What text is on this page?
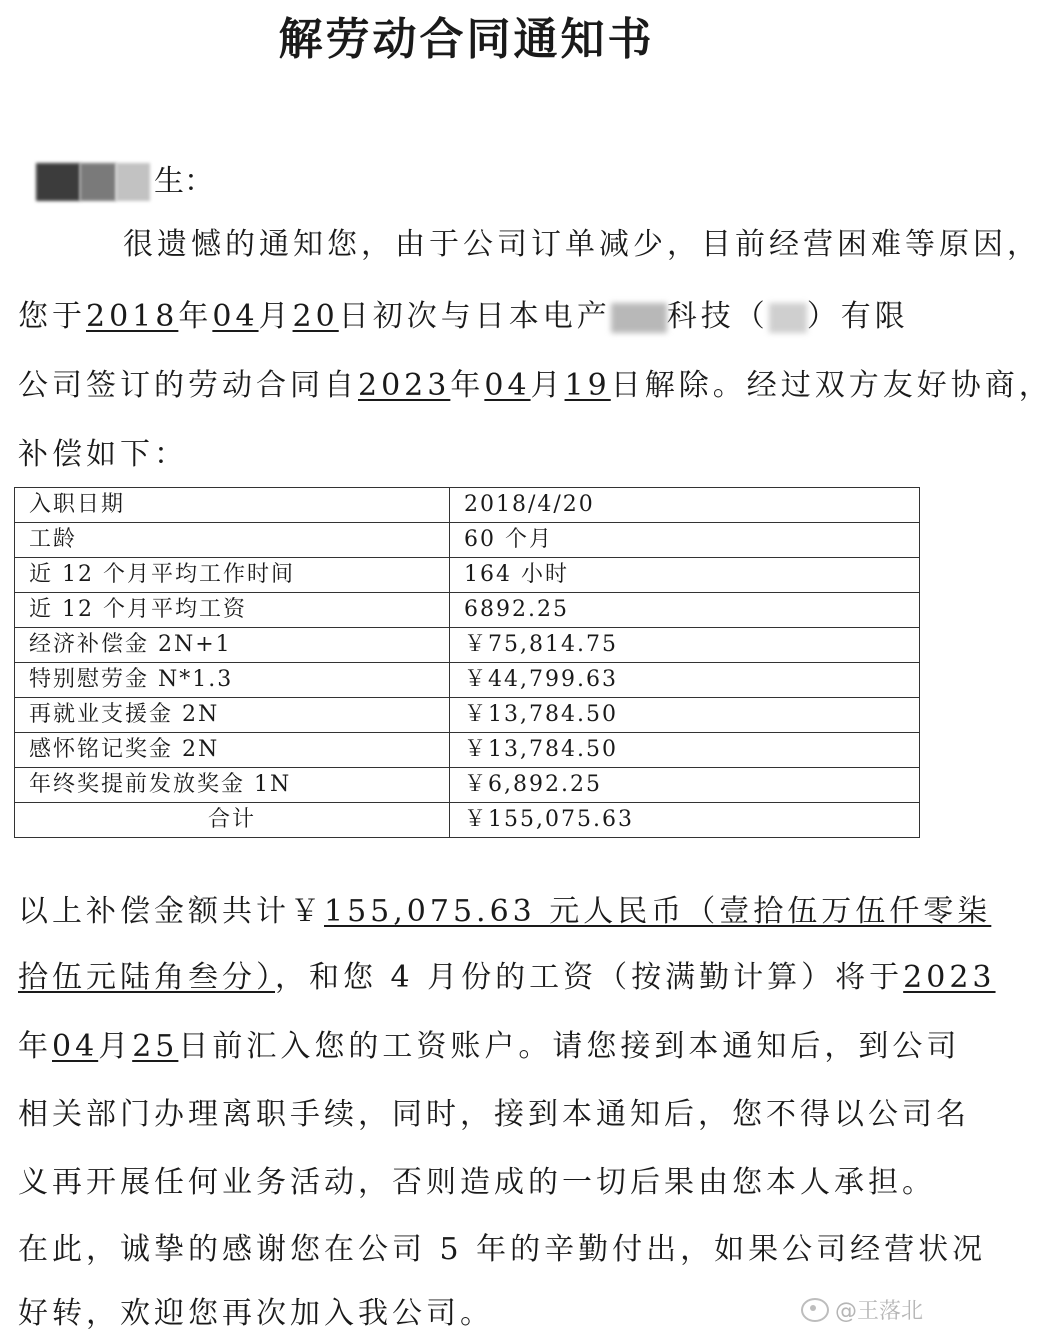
解劳动合同通知书
生：
很遗憾的通知您，由于公司订单减少，目前经营困难等原因，
您于2018年04月20日初次与日本电产 科技（ ）有限
公司签订的劳动合同自2023年04月19日解除。经过双方友好协商，
补偿如下：
入职日期	2018/4/20
工龄	60 个月
近 12 个月平均工作时间	164 小时
近 12 个月平均工资	6892.25
经济补偿金 2N+1	￥75,814.75
特别慰劳金 N*1.3	￥44,799.63
再就业支援金 2N	￥13,784.50
感怀铭记奖金 2N	￥13,784.50
年终奖提前发放奖金 1N	￥6,892.25
合计	￥155,075.63
以上补偿金额共计￥155,075.63 元人民币（壹拾伍万伍仟零柒
拾伍元陆角叁分），和您 4 月份的工资（按满勤计算）将于2023
年04月25日前汇入您的工资账户。请您接到本通知后，到公司
相关部门办理离职手续，同时，接到本通知后，您不得以公司名
义再开展任何业务活动，否则造成的一切后果由您本人承担。
在此，诚挚的感谢您在公司 5 年的辛勤付出，如果公司经营状况
好转，欢迎您再次加入我公司。	@王落北
